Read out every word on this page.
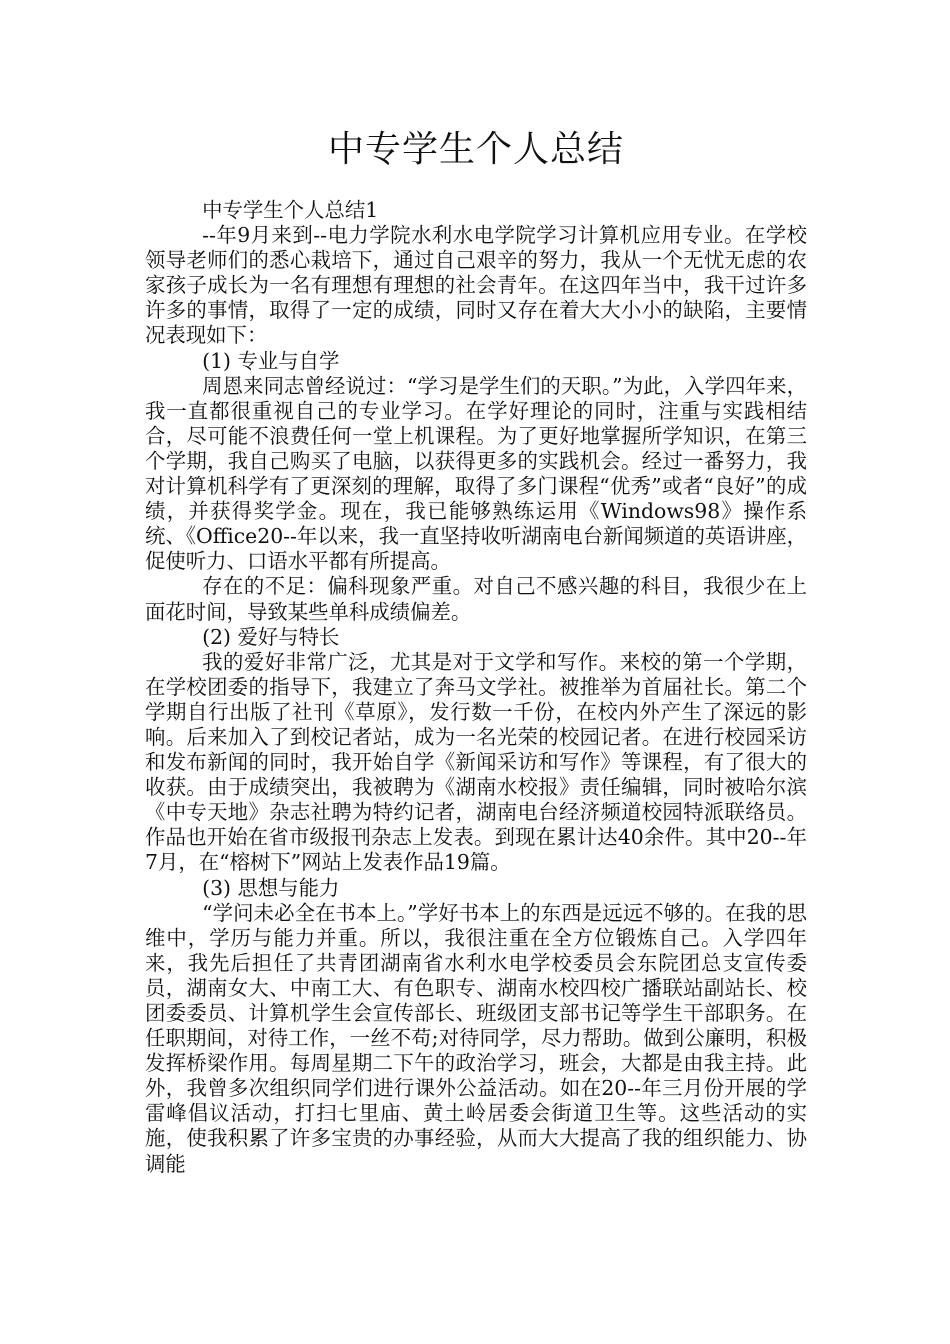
中专学生个人总结

中专学生个人总结1

--年9月来到--电力学院水利水电学院学习计算机应用专业。在学校领导老师们的悉心栽培下，通过自己艰辛的努力，我从一个无忧无虑的农家孩子成长为一名有理想有理想的社会青年。在这四年当中，我干过许多许多的事情，取得了一定的成绩，同时又存在着大大小小的缺陷，主要情况表现如下：

(1) 专业与自学

周恩来同志曾经说过：“学习是学生们的天职。”为此，入学四年来，我一直都很重视自己的专业学习。在学好理论的同时，注重与实践相结合，尽可能不浪费任何一堂上机课程。为了更好地掌握所学知识，在第三个学期，我自己购买了电脑，以获得更多的实践机会。经过一番努力，我对计算机科学有了更深刻的理解，取得了多门课程“优秀”或者“良好”的成绩，并获得奖学金。现在，我已能够熟练运用《Windows98》操作系统、《Office20--年以来，我一直坚持收听湖南电台新闻频道的英语讲座，促使听力、口语水平都有所提高。

存在的不足：偏科现象严重。对自己不感兴趣的科目，我很少在上面花时间，导致某些单科成绩偏差。

(2) 爱好与特长

我的爱好非常广泛，尤其是对于文学和写作。来校的第一个学期，在学校团委的指导下，我建立了奔马文学社。被推举为首届社长。第二个学期自行出版了社刊《草原》，发行数一千份，在校内外产生了深远的影响。后来加入了到校记者站，成为一名光荣的校园记者。在进行校园采访和发布新闻的同时，我开始自学《新闻采访和写作》等课程，有了很大的收获。由于成绩突出，我被聘为《湖南水校报》责任编辑，同时被哈尔滨《中专天地》杂志社聘为特约记者，湖南电台经济频道校园特派联络员。作品也开始在省市级报刊杂志上发表。到现在累计达40余件。其中20--年7月，在“榕树下”网站上发表作品19篇。

(3) 思想与能力

“学问未必全在书本上。”学好书本上的东西是远远不够的。在我的思维中，学历与能力并重。所以，我很注重在全方位锻炼自己。入学四年来，我先后担任了共青团湖南省水利水电学校委员会东院团总支宣传委员，湖南女大、中南工大、有色职专、湖南水校四校广播联站副站长、校团委委员、计算机学生会宣传部长、班级团支部书记等学生干部职务。在任职期间，对待工作，一丝不苟;对待同学，尽力帮助。做到公廉明，积极发挥桥梁作用。每周星期二下午的政治学习，班会，大都是由我主持。此外，我曾多次组织同学们进行课外公益活动。如在20--年三月份开展的学雷峰倡议活动，打扫七里庙、黄土岭居委会街道卫生等。这些活动的实施，使我积累了许多宝贵的办事经验，从而大大提高了我的组织能力、协调能
